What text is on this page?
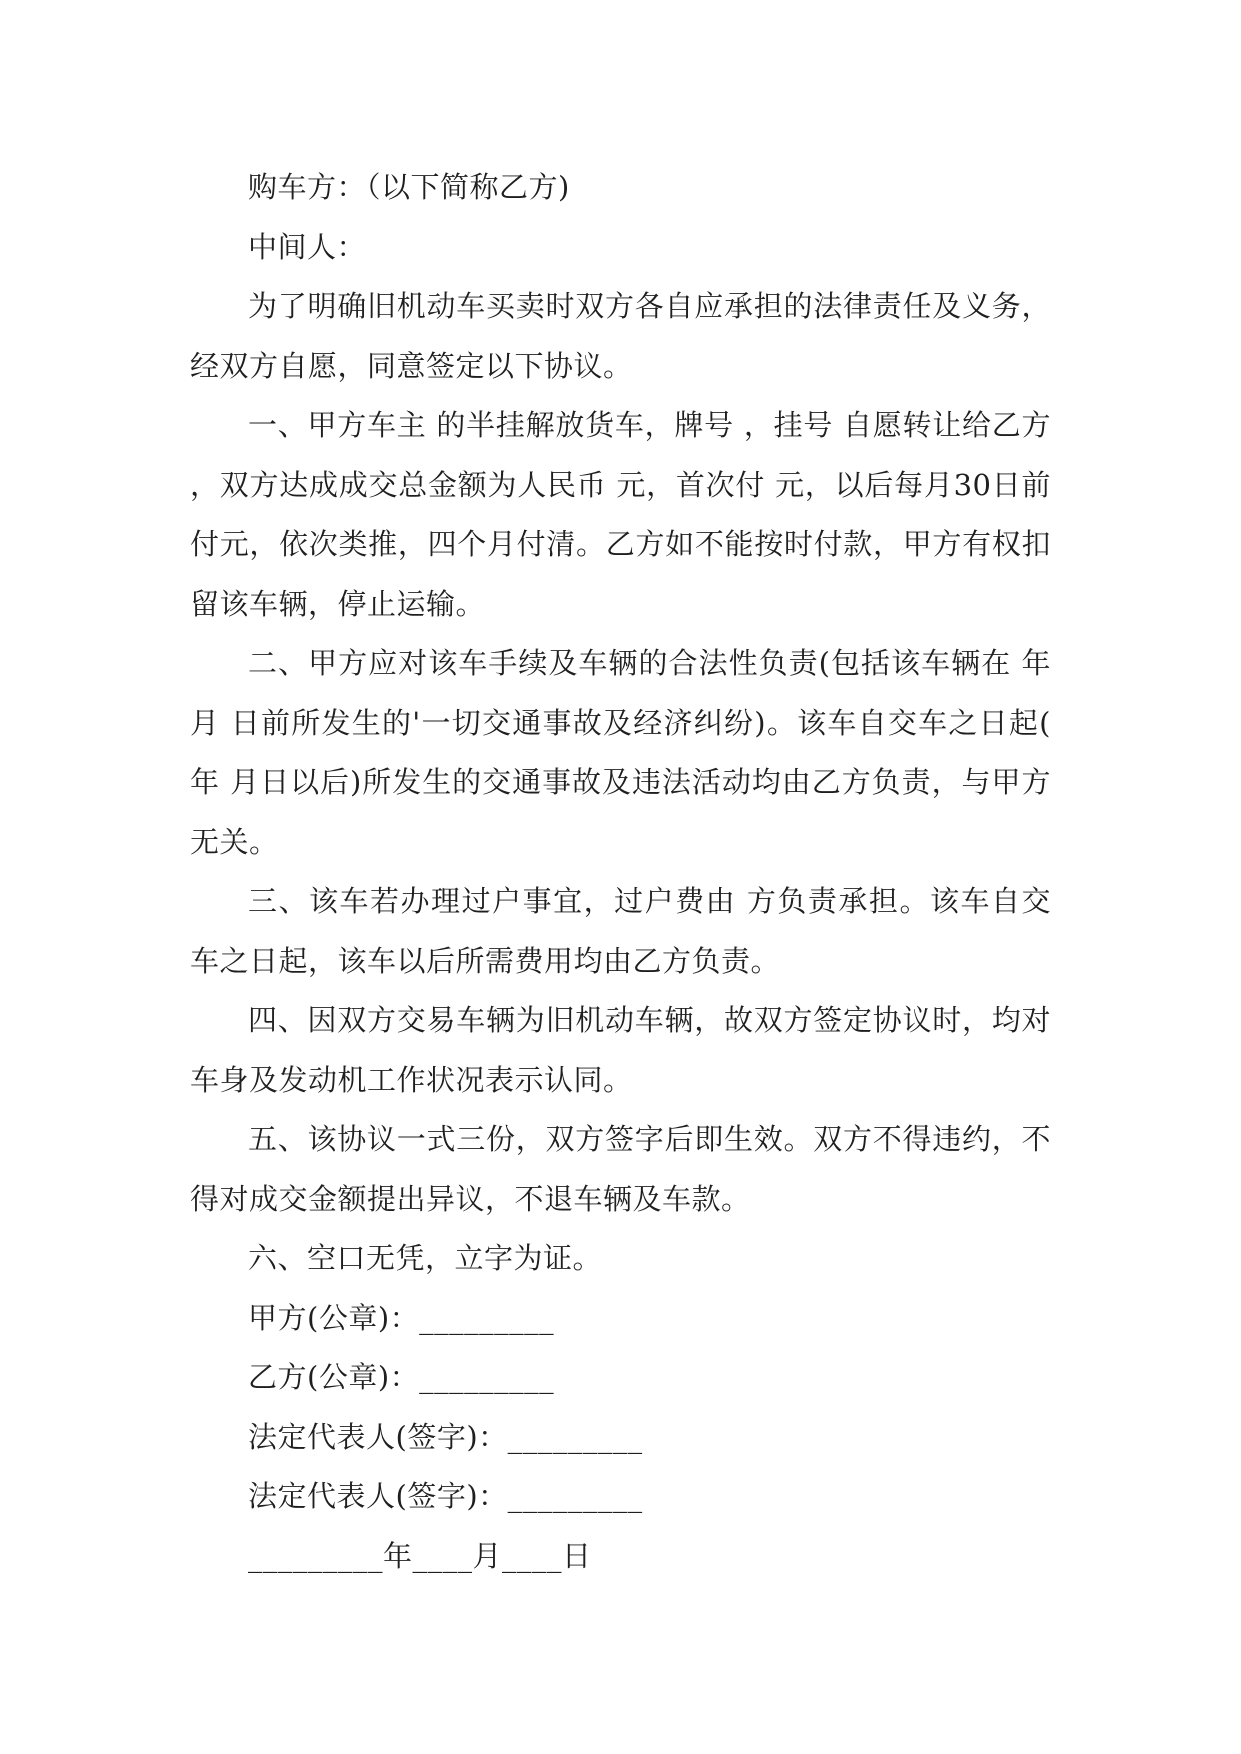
购车方：（以下简称乙方)

中间人：

为了明确旧机动车买卖时双方各自应承担的法律责任及义务，经双方自愿，同意签定以下协议。

一、甲方车主 的半挂解放货车，牌号 ，挂号 自愿转让给乙方，双方达成成交总金额为人民币 元，首次付 元，以后每月30日前付元，依次类推，四个月付清。乙方如不能按时付款，甲方有权扣留该车辆，停止运输。

二、甲方应对该车手续及车辆的合法性负责(包括该车辆在 年 月 日前所发生的'一切交通事故及经济纠纷)。该车自交车之日起( 年 月日以后)所发生的交通事故及违法活动均由乙方负责，与甲方无关。

三、该车若办理过户事宜，过户费由 方负责承担。该车自交车之日起，该车以后所需费用均由乙方负责。

四、因双方交易车辆为旧机动车辆，故双方签定协议时，均对车身及发动机工作状况表示认同。

五、该协议一式三份，双方签字后即生效。双方不得违约，不得对成交金额提出异议，不退车辆及车款。

六、空口无凭，立字为证。

甲方(公章)：_________

乙方(公章)：_________

法定代表人(签字)：_________

法定代表人(签字)：_________

_________年____月____日
